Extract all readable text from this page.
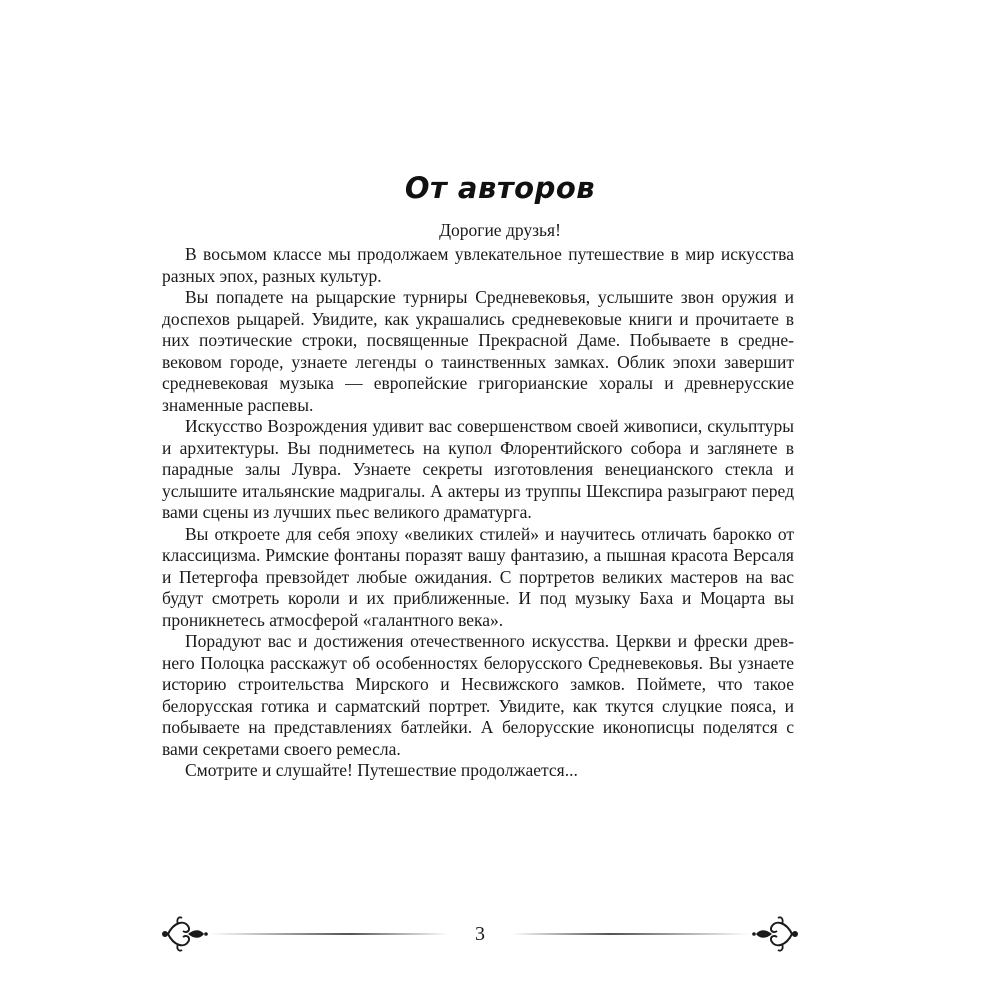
От авторов
Дорогие друзья!

В восьмом классе мы продолжаем увлекательное путешествие в мир искусства разных эпох, разных культур.

Вы попадете на рыцарские турниры Средневековья, услышите звон оружия и доспехов рыцарей. Увидите, как украшались средневековые книги и прочитаете в них поэтические строки, посвященные Прекрасной Даме. Побываете в средневековом городе, узнаете легенды о таинственных замках. Облик эпохи завершит средневековая музыка — европейские григорианские хоралы и древнерусские знаменные распевы.

Искусство Возрождения удивит вас совершенством своей живописи, скульптуры и архитектуры. Вы подниметесь на купол Флорентийского собора и заглянете в парадные залы Лувра. Узнаете секреты изготовления венецианского стекла и услышите итальянские мадригалы. А актеры из труппы Шекспира разыграют перед вами сцены из лучших пьес великого драматурга.

Вы откроете для себя эпоху «великих стилей» и научитесь отличать барокко от классицизма. Римские фонтаны поразят вашу фантазию, а пышная красота Версаля и Петергофа превзойдет любые ожидания. С портретов великих мастеров на вас будут смотреть короли и их приближенные. И под музыку Баха и Моцарта вы проникнетесь атмосферой «галантного века».

Порадуют вас и достижения отечественного искусства. Церкви и фрески древнего Полоцка расскажут об особенностях белорусского Средневековья. Вы узнаете историю строительства Мирского и Несвижского замков. Поймете, что такое белорусская готика и сарматский портрет. Увидите, как ткутся слуцкие пояса, и побываете на представлениях батлейки. А белорусские иконописцы поделятся с вами секретами своего ремесла.

Смотрите и слушайте! Путешествие продолжается...

3
